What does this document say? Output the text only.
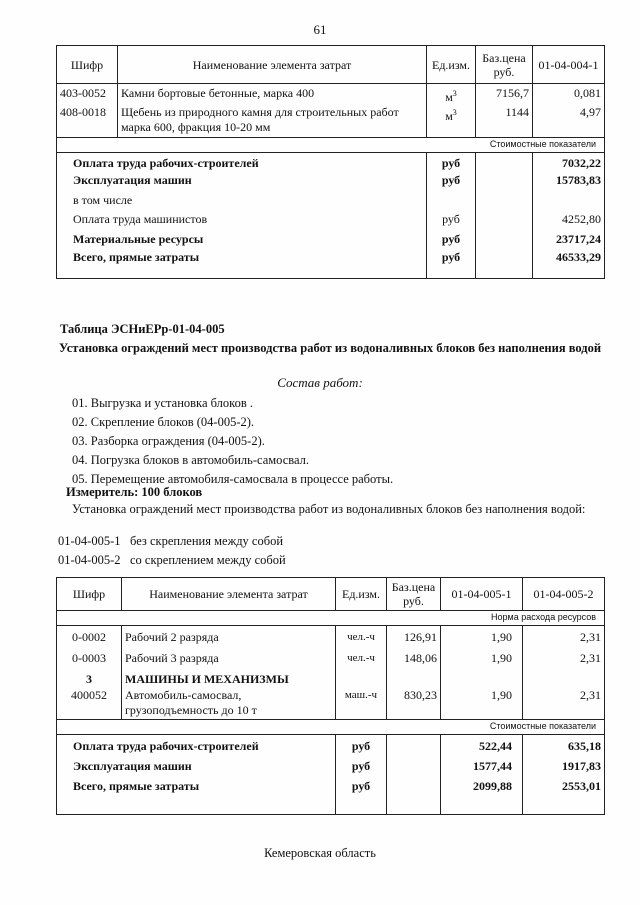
61
Шифр	Наименование элемента затрат	Ед.изм.	Баз.цена руб.	01-04-004-1
403-0052	Камни бортовые бетонные, марка 400	$м^3$	7156,7	0,081
408-0018	Щебень из природного камня для строительных работ марка 600, фракция 10-20 мм	$м^3$	1144	4,97
Стоимостные показатели				
Оплата труда рабочих-строителей		руб		7032,22
Эксплуатация машин		руб		15783,83
в том числе				
Оплата труда машинистов		руб		4252,80
Материальные ресурсы		руб		23717,24
Всего, прямые затраты		руб		46533,29
Таблица ЭСНиЕРр-01-04-005
Установка ограждений мест производства работ из водоналивных блоков без наполнения водой
Состав работ:
01. Выгрузка и установка блоков .
02. Скрепление блоков (04-005-2).
03. Разборка ограждения (04-005-2).
04. Погрузка блоков в автомобиль-самосвал.
05. Перемещение автомобиля-самосвала в процессе работы.
Измеритель: 100 блоков
Установка ограждений мест производства работ из водоналивных блоков без наполнения водой:
01-04-005-1 без скрепления между собой
01-04-005-2 со скреплением между собой
Шифр	Наименование элемента затрат	Ед.изм.	Баз.цена руб.	01-04-005-1	01-04-005-2
Норма расхода ресурсов					
0-0002	Рабочий 2 разряда	чел.-ч	126,91	1,90	2,31
0-0003	Рабочий 3 разряда	чел.-ч	148,06	1,90	2,31
3	МАШИНЫ И МЕХАНИЗМЫ				
400052	Автомобиль-самосвал, грузоподъемность до 10 т	маш.-ч	830,23	1,90	2,31
Стоимостные показатели					
Оплата труда рабочих-строителей		руб		522,44	635,18
Эксплуатация машин		руб		1577,44	1917,83
Всего, прямые затраты		руб		2099,88	2553,01
Кемеровская область
